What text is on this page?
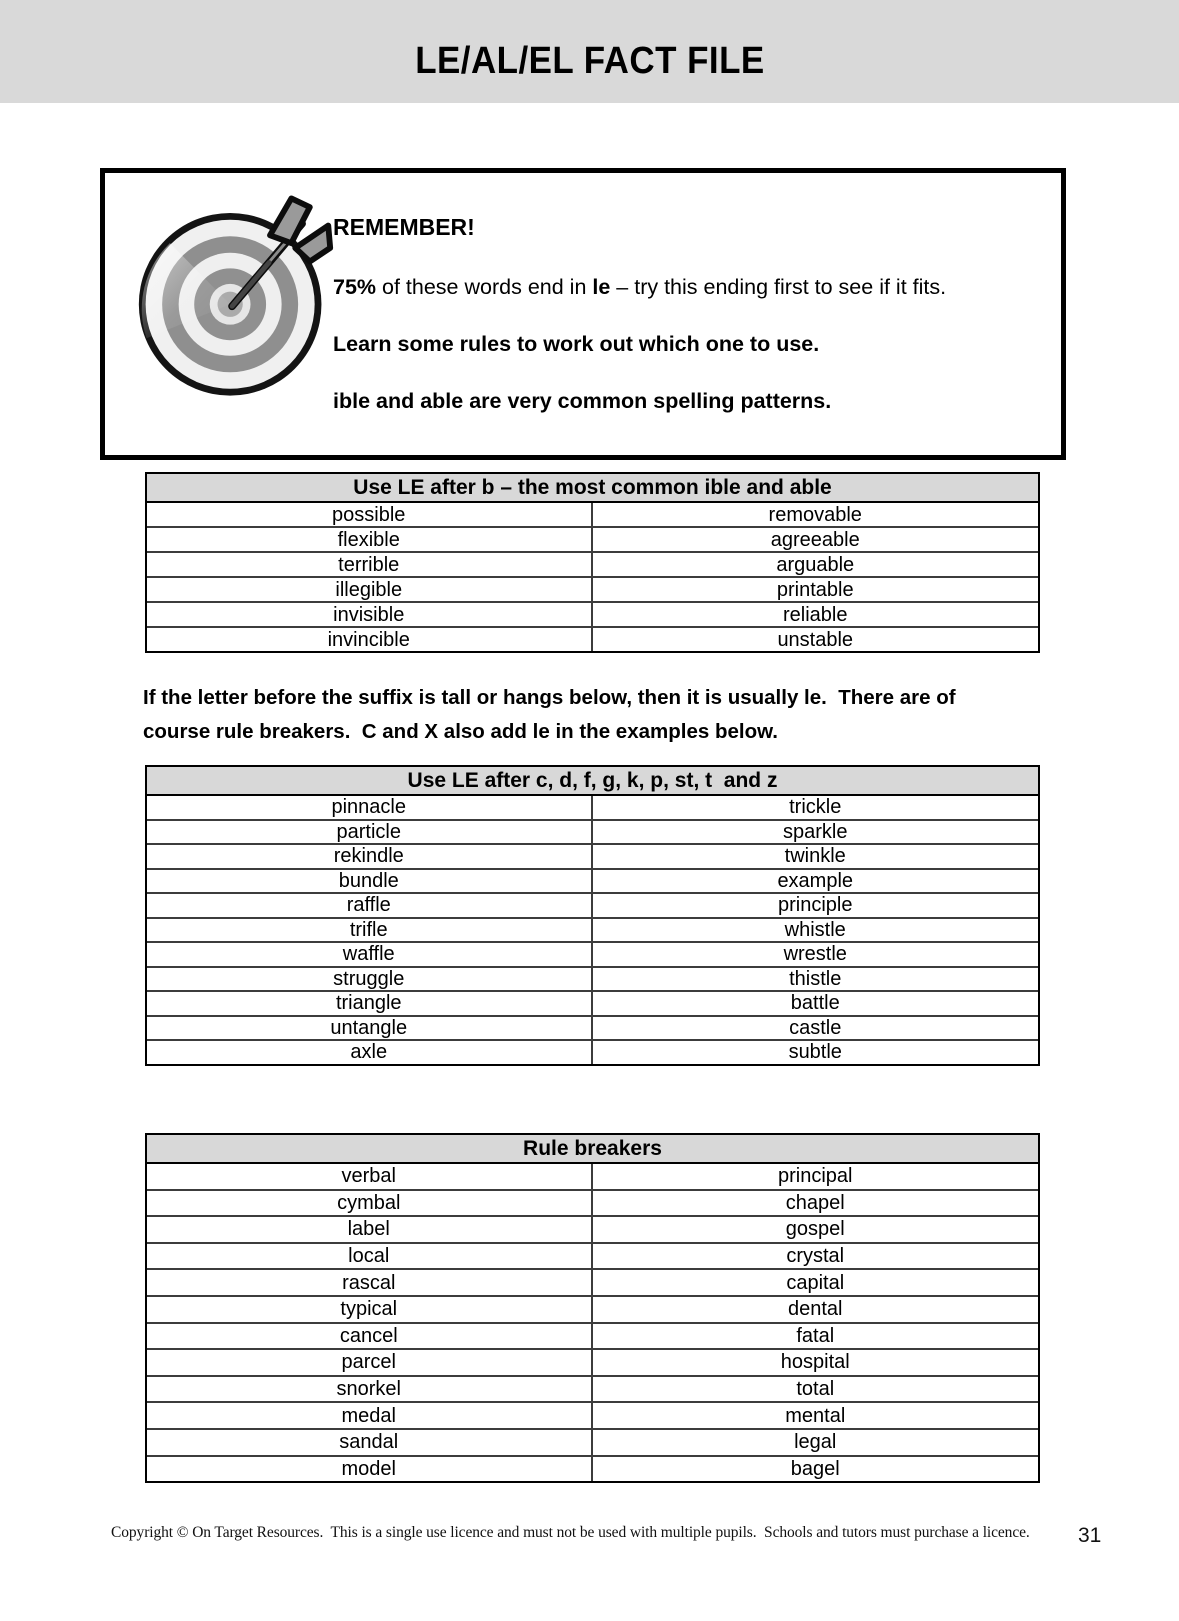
LE/AL/EL FACT FILE

REMEMBER!

75% of these words end in le – try this ending first to see if it fits.

Learn some rules to work out which one to use.

ible and able are very common spelling patterns.

Use LE after b – the most common ible and able
possible	removable
flexible	agreeable
terrible	arguable
illegible	printable
invisible	reliable
invincible	unstable

If the letter before the suffix is tall or hangs below, then it is usually le.  There are of course rule breakers.  C and X also add le in the examples below.

Use LE after c, d, f, g, k, p, st, t  and z
pinnacle	trickle
particle	sparkle
rekindle	twinkle
bundle	example
raffle	principle
trifle	whistle
waffle	wrestle
struggle	thistle
triangle	battle
untangle	castle
axle	subtle
Rule breakers
verbal	principal
cymbal	chapel
label	gospel
local	crystal
rascal	capital
typical	dental
cancel	fatal
parcel	hospital
snorkel	total
medal	mental
sandal	legal
model	bagel

Copyright © On Target Resources.  This is a single use licence and must not be used with multiple pupils.  Schools and tutors must purchase a licence. 31
